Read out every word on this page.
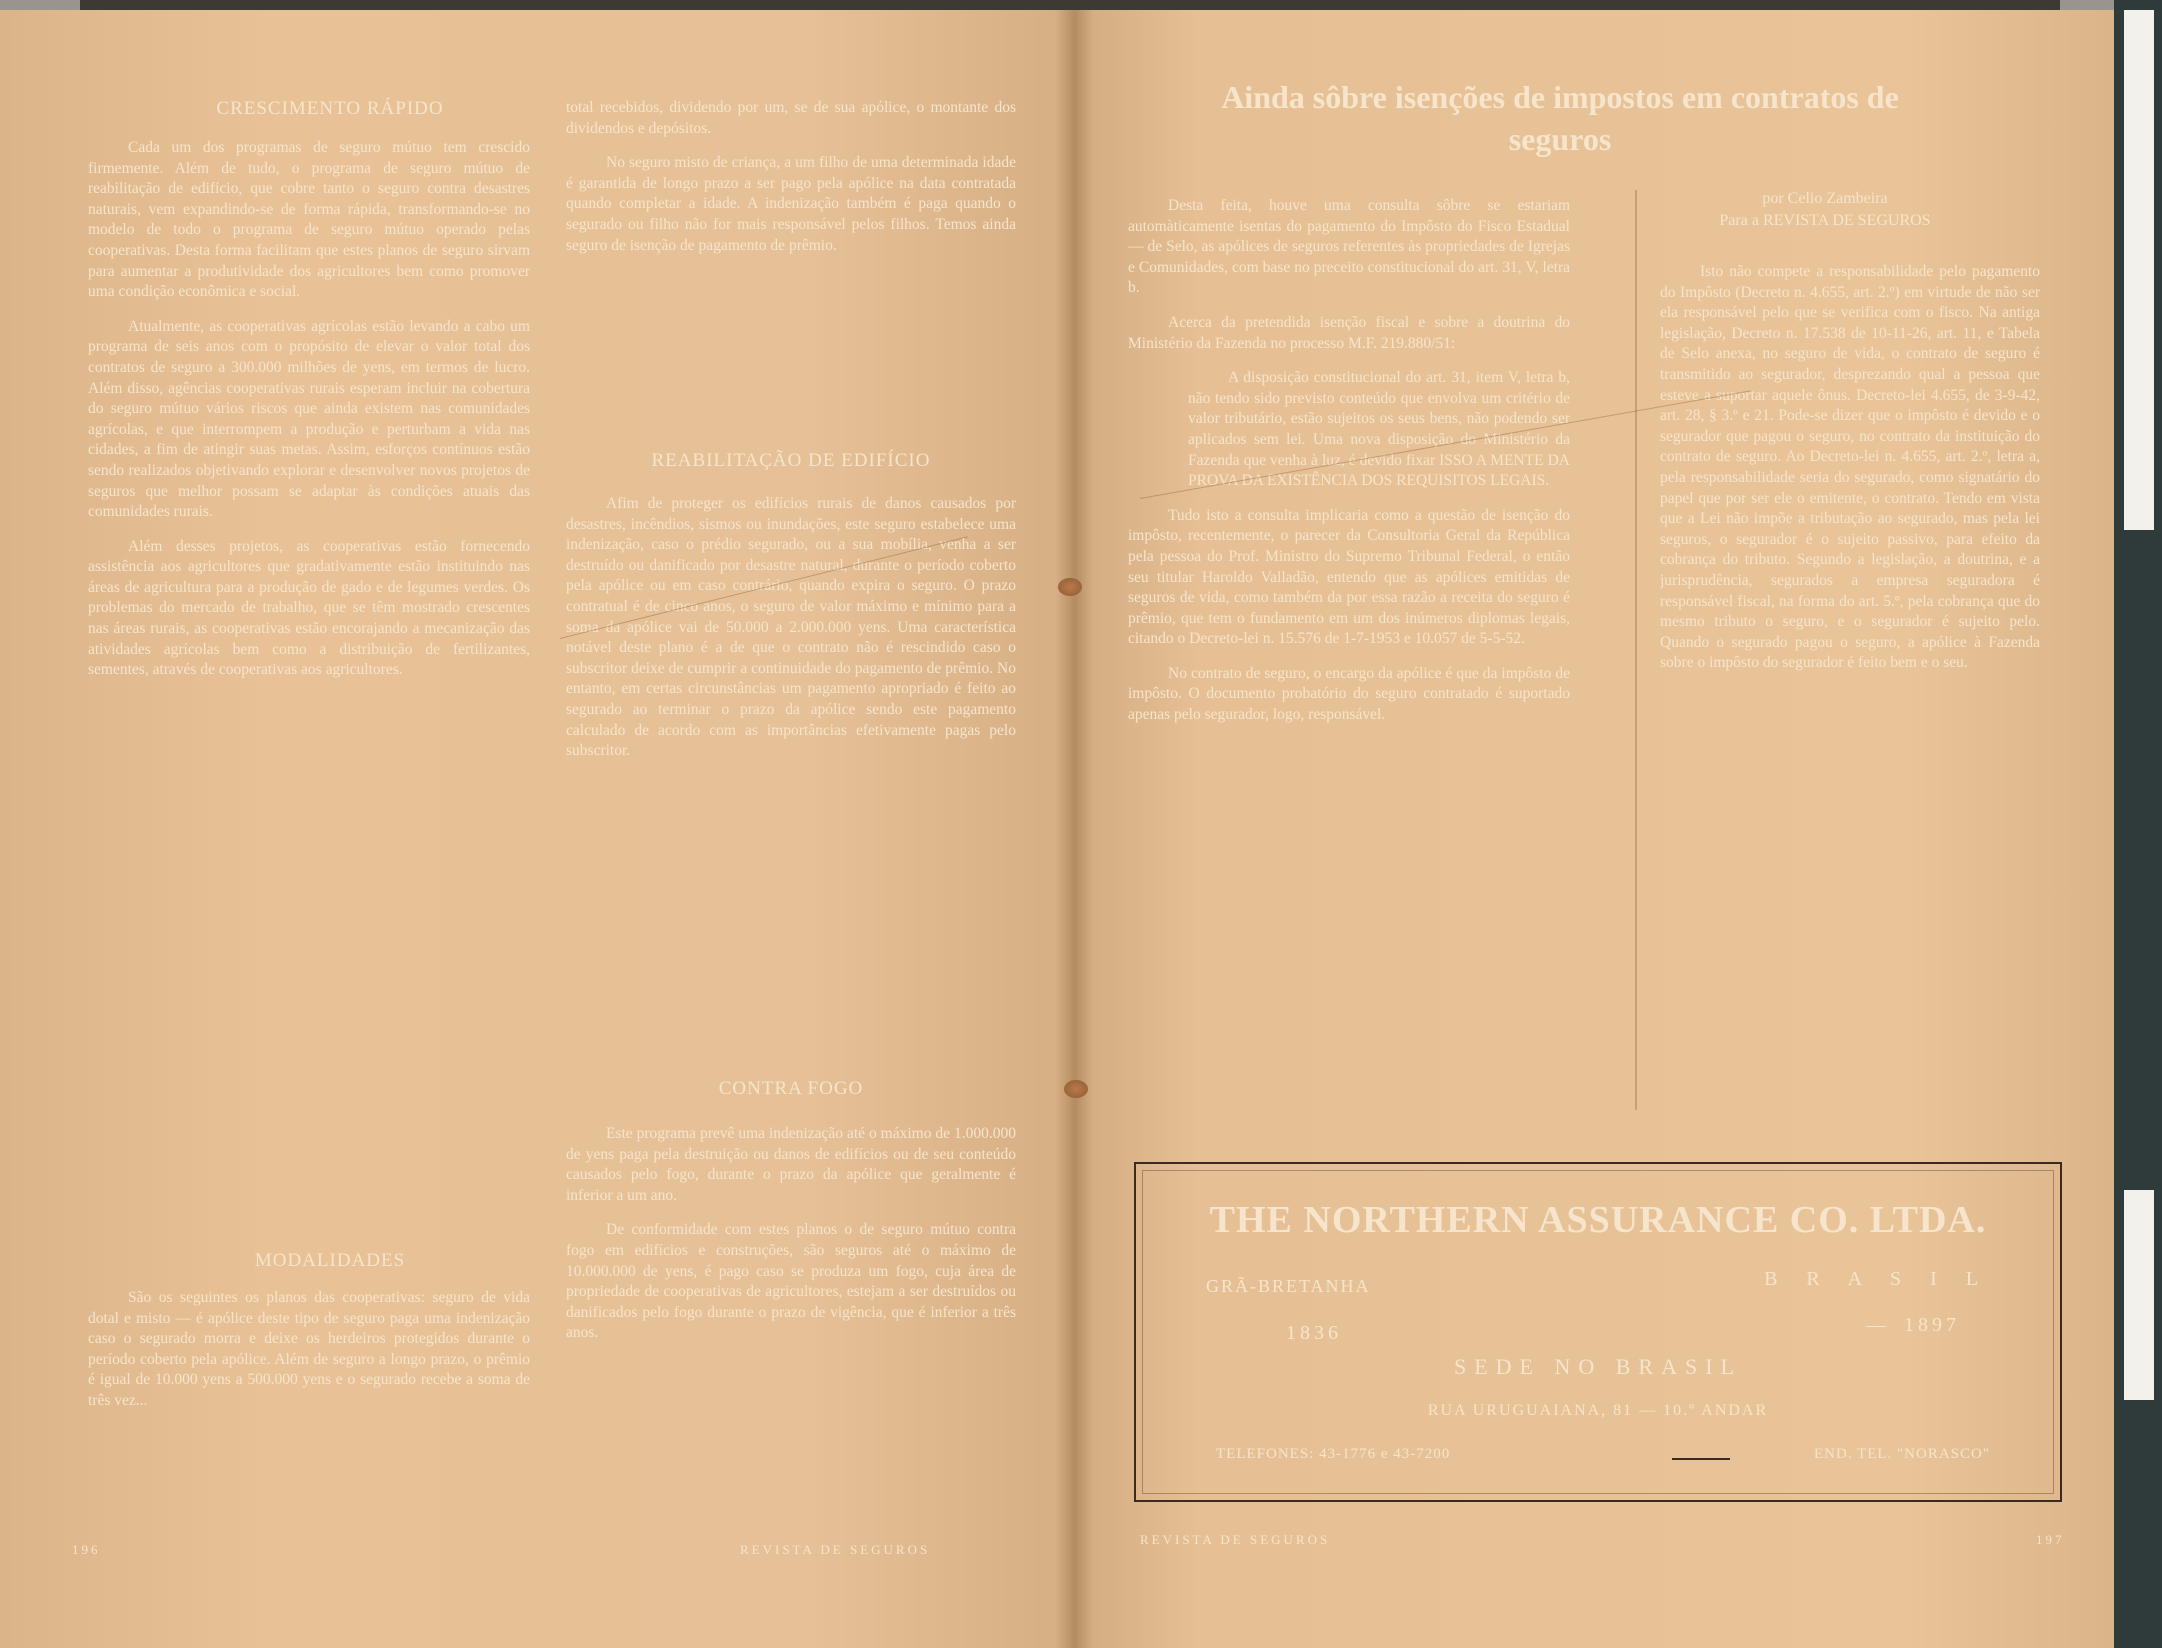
CRESCIMENTO RÁPIDO

Cada um dos programas de seguro mútuo tem crescido firmemente. Além de tudo, o programa de seguro mútuo de reabilitação de edifício, que cobre tanto o seguro contra desastres naturais, vem expandindo-se de forma rápida, transformando-se no modelo de todo o programa de seguro mútuo operado pelas cooperativas. Desta forma facilitam que estes planos de seguro sirvam para aumentar a produtividade dos agricultores bem como promover uma condição econômica e social.

Atualmente, as cooperativas agrícolas estão levando a cabo um programa de seis anos com o propósito de elevar o valor total dos contratos de seguro a 300.000 milhões de yens, em termos de lucro. Além disso, agências cooperativas rurais esperam incluir na cobertura do seguro mútuo vários riscos que ainda existem nas comunidades agrícolas, e que interrompem a produção e perturbam a vida nas cidades, a fim de atingir suas metas. Assim, esforços contínuos estão sendo realizados objetivando explorar e desenvolver novos projetos de seguros que melhor possam se adaptar às condições atuais das comunidades rurais.

Além desses projetos, as cooperativas estão fornecendo assistência aos agricultores que gradativamente estão instituindo nas áreas de agricultura para a produção de gado e de legumes verdes. Os problemas do mercado de trabalho, que se têm mostrado crescentes nas áreas rurais, as cooperativas estão encorajando a mecanização das atividades agrícolas bem como a distribuição de fertilizantes, sementes, através de cooperativas aos agricultores.

MODALIDADES

São os seguintes os planos das cooperativas: seguro de vida dotal e misto — é apólice deste tipo de seguro paga uma indenização caso o segurado morra e deixe os herdeiros protegidos durante o período coberto pela apólice. Além de seguro a longo prazo, o prêmio é igual de 10.000 yens a 500.000 yens e o segurado recebe a soma de três vez...

total recebidos, dividendo por um, se de sua apólice, o montante dos dividendos e depósitos.

No seguro misto de criança, a um filho de uma determinada idade é garantida de longo prazo a ser pago pela apólice na data contratada quando completar a idade. A indenização também é paga quando o segurado ou filho não for mais responsável pelos filhos. Temos ainda seguro de isenção de pagamento de prêmio.

REABILITAÇÃO DE EDIFÍCIO

Afim de proteger os edifícios rurais de danos causados por desastres, incêndios, sismos ou inundações, este seguro estabelece uma indenização, caso o prédio segurado, ou a sua mobília, venha a ser destruído ou danificado por desastre natural, durante o período coberto pela apólice ou em caso contrário, quando expira o seguro. O prazo contratual é de cinco anos, o seguro de valor máximo e mínimo para a soma da apólice vai de 50.000 a 2.000.000 yens. Uma característica notável deste plano é a de que o contrato não é rescindido caso o subscritor deixe de cumprir a continuidade do pagamento de prêmio. No entanto, em certas circunstâncias um pagamento apropriado é feito ao segurado ao terminar o prazo da apólice sendo este pagamento calculado de acordo com as importâncias efetivamente pagas pelo subscritor.

CONTRA FOGO

Este programa prevê uma indenização até o máximo de 1.000.000 de yens paga pela destruição ou danos de edifícios ou de seu conteúdo causados pelo fogo, durante o prazo da apólice que geralmente é inferior a um ano.

De conformidade com estes planos o de seguro mútuo contra fogo em edifícios e construções, são seguros até o máximo de 10.000.000 de yens, é pago caso se produza um fogo, cuja área de propriedade de cooperativas de agricultores, estejam a ser destruídos ou danificados pelo fogo durante o prazo de vigência, que é inferior a três anos.

196	REVISTA DE SEGUROS
Ainda sôbre isenções de impostos em contratos de seguros
por Celio Zambeira
Para a REVISTA DE SEGUROS

Desta feita, houve uma consulta sôbre se estariam automàticamente isentas do pagamento do Impôsto do Fisco Estadual — de Selo, as apólices de seguros referentes às propriedades de Igrejas e Comunidades, com base no preceito constitucional do art. 31, V, letra b.

Acerca da pretendida isenção fiscal e sobre a doutrina do Ministério da Fazenda no processo M.F. 219.880/51:

A disposição constitucional do art. 31, item V, letra b, não tendo sido previsto conteúdo que envolva um critério de valor tributário, estão sujeitos os seus bens, não podendo ser aplicados sem lei. Uma nova disposição do Ministério da Fazenda que venha à luz, é devido fixar ISSO A MENTE DA PROVA DA EXISTÊNCIA DOS REQUISITOS LEGAIS.

Tudo isto a consulta implicaria como a questão de isenção do impôsto, recentemente, o parecer da Consultoria Geral da República pela pessoa do Prof. Ministro do Supremo Tribunal Federal, o então seu titular Haroldo Valladão, entendo que as apólices emitidas de seguros de vida, como também da por essa razão a receita do seguro é prêmio, que tem o fundamento em um dos inúmeros diplomas legais, citando o Decreto-lei n. 15.576 de 1-7-1953 e 10.057 de 5-5-52.

No contrato de seguro, o encargo da apólice é que da impôsto de impôsto. O documento probatório do seguro contratado é suportado apenas pelo segurador, logo, responsável.

Isto não compete a responsabilidade pelo pagamento do Impôsto (Decreto n. 4.655, art. 2.º) em virtude de não ser ela responsável pelo que se verifica com o fisco. Na antiga legislação, Decreto n. 17.538 de 10-11-26, art. 11, e Tabela de Selo anexa, no seguro de vida, o contrato de seguro é transmitido ao segurador, desprezando qual a pessoa que esteve a suportar aquele ônus. Decreto-lei 4.655, de 3-9-42, art. 28, § 3.º e 21. Pode-se dizer que o impôsto é devido e o segurador que pagou o seguro, no contrato da instituição do contrato de seguro. Ao Decreto-lei n. 4.655, art. 2.º, letra a, pela responsabilidade seria do segurado, como signatário do papel que por ser ele o emitente, o contrato. Tendo em vista que a Lei não impõe a tributação ao segurado, mas pela lei seguros, o segurador é o sujeito passivo, para efeito da cobrança do tributo. Segundo a legislação, a doutrina, e a jurisprudência, segurados a empresa seguradora é responsável fiscal, na forma do art. 5.º, pela cobrança que do mesmo tributo o seguro, e o segurador é sujeito pelo. Quando o segurado pagou o seguro, a apólice à Fazenda sobre o impôsto do segurador é feito bem e o seu.

THE NORTHERN ASSURANCE CO. LTDA.
GRÃ-BRETANHA	B R A S I L
1836
—	1897
SEDE NO BRASIL
RUA URUGUAIANA, 81 — 10.º ANDAR
TELEFONES: 43-1776 e 43-7200	END. TEL. "NORASCO"
REVISTA DE SEGUROS	197
